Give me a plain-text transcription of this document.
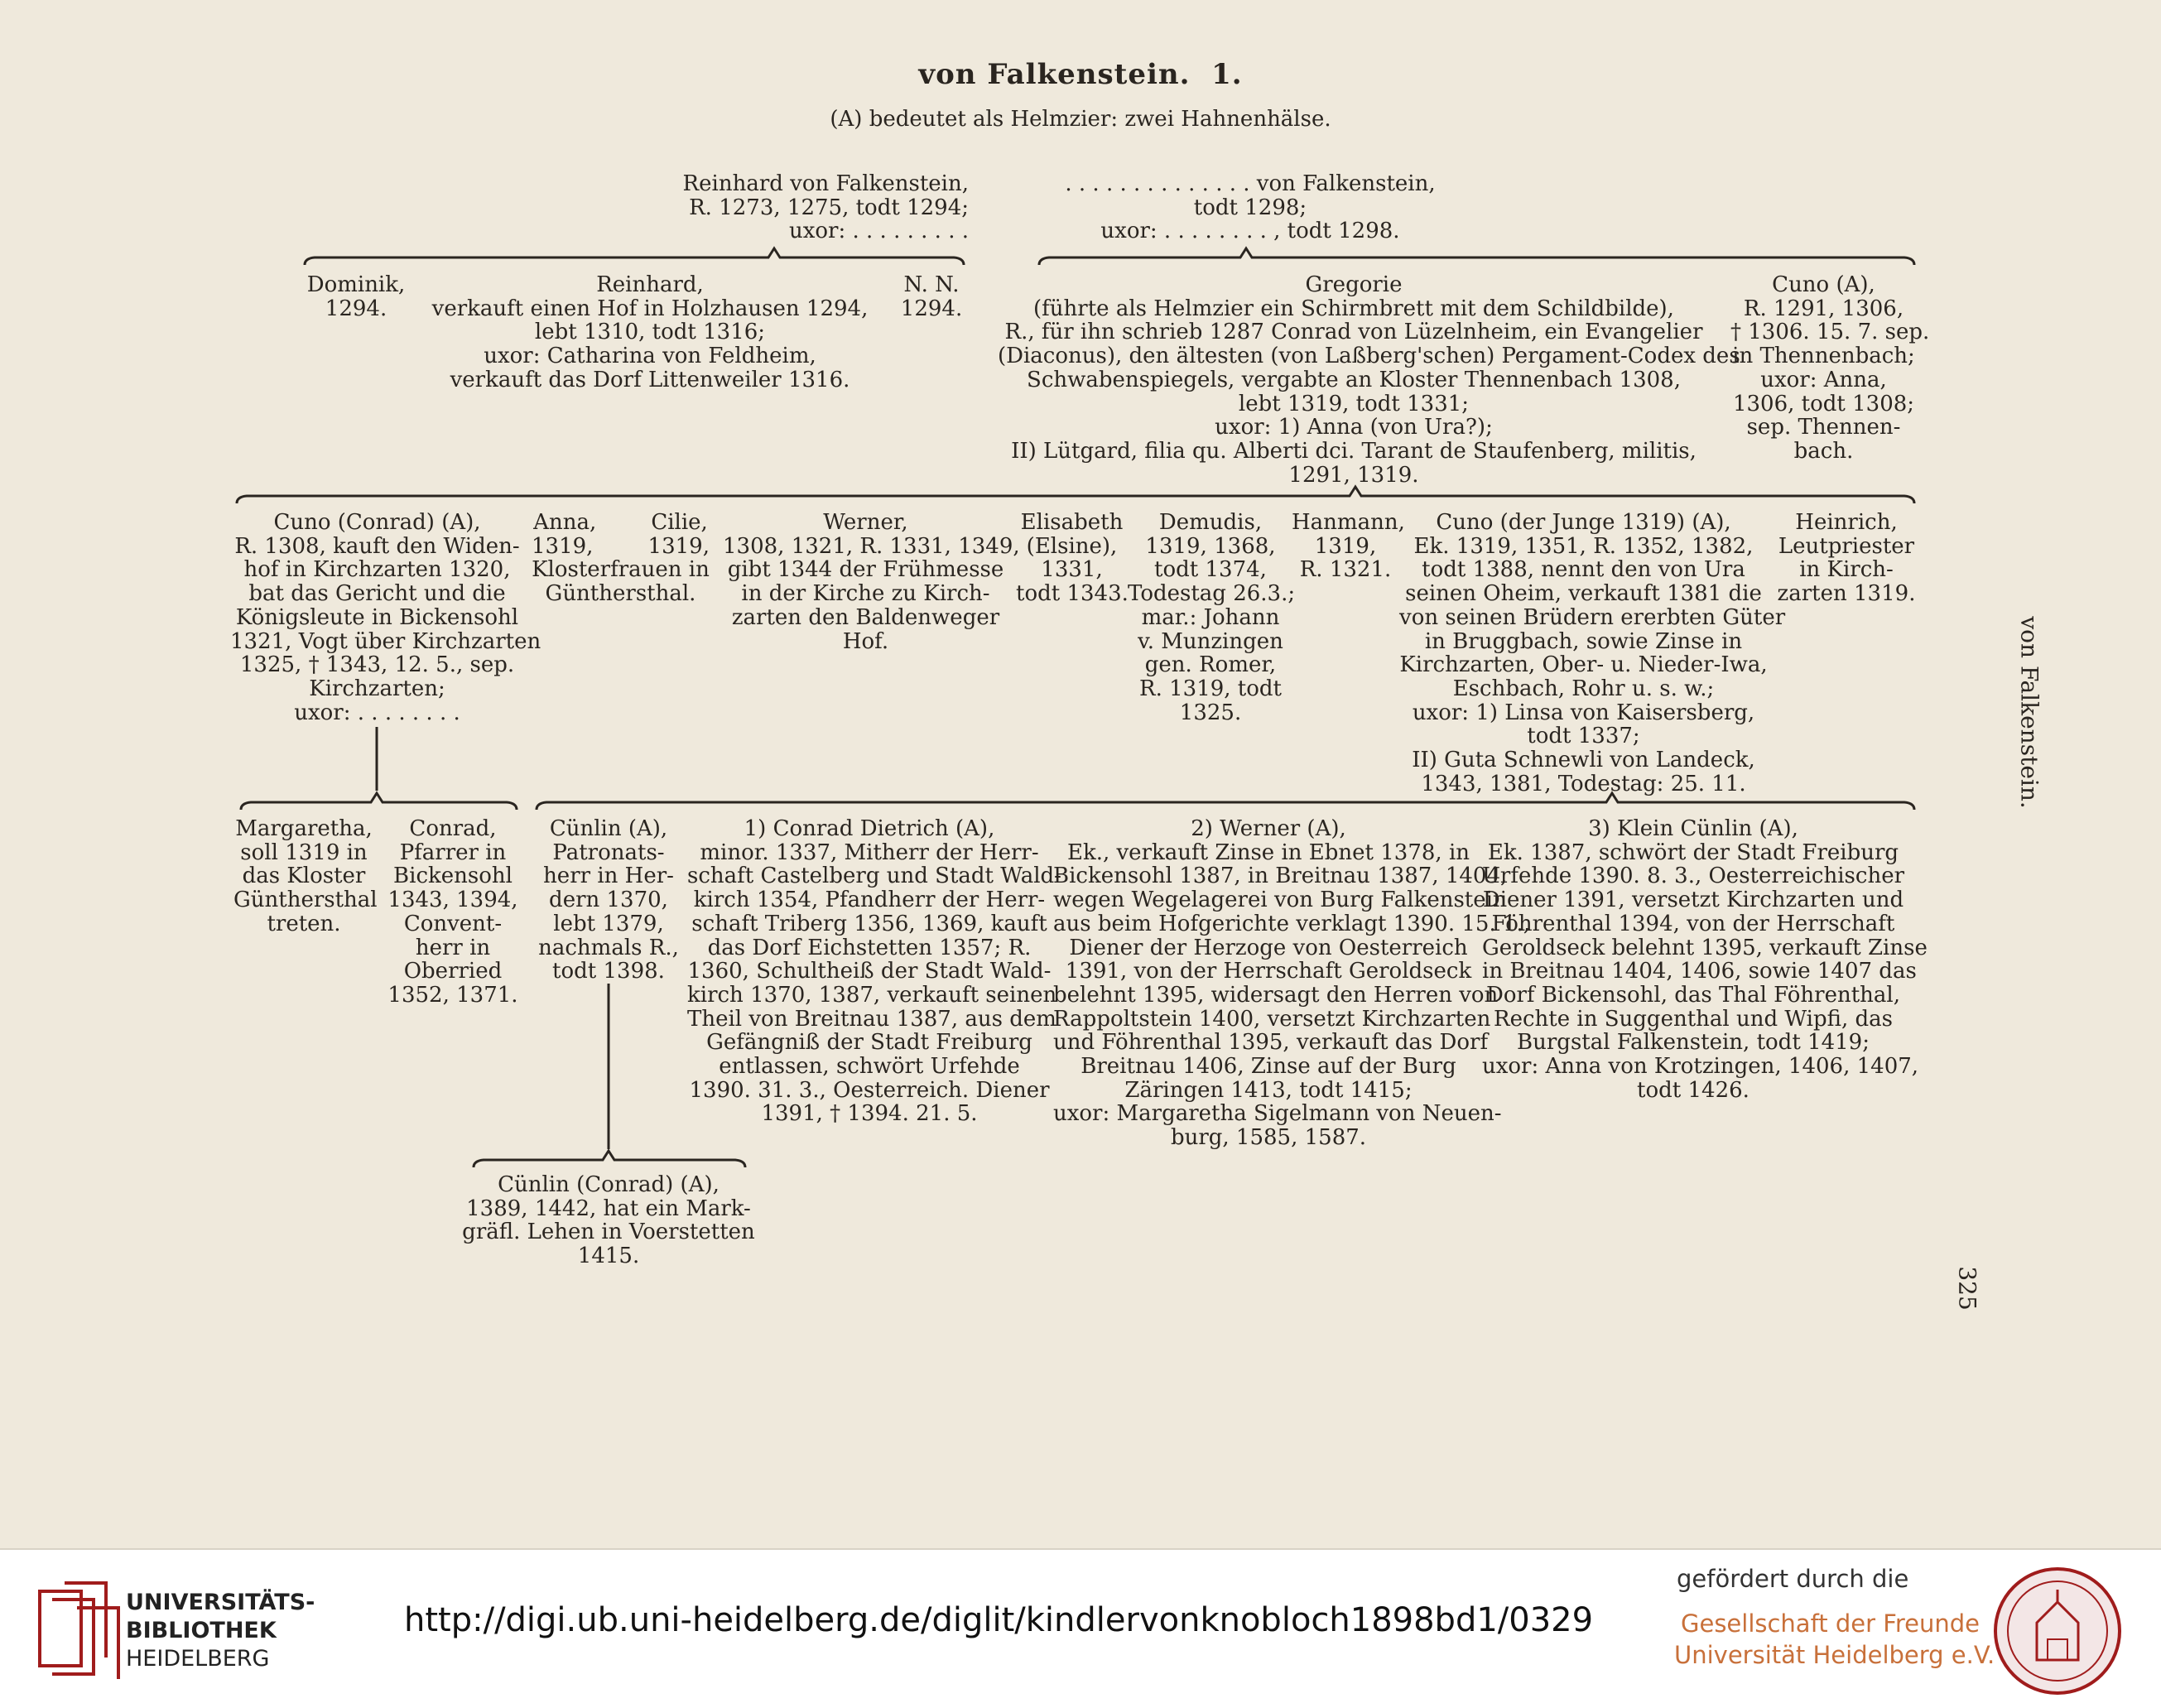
von Falkenstein.  1.
(A) bedeutet als Helmzier: zwei Hahnenhälse.
Reinhard von Falkenstein,
R. 1273, 1275, todt 1294;
uxor: . . . . . . . . .
. . . . . . . . . . . . . . von Falkenstein,
todt 1298;
uxor: . . . . . . . . , todt 1298.
Dominik,
1294.
Reinhard,
verkauft einen Hof in Holzhausen 1294,
lebt 1310, todt 1316;
uxor: Catharina von Feldheim,
verkauft das Dorf Littenweiler 1316.
N. N.
1294.
Gregorie
(führte als Helmzier ein Schirmbrett mit dem Schildbilde),
R., für ihn schrieb 1287 Conrad von Lüzelnheim, ein Evangelier
(Diaconus), den ältesten (von Laßberg'schen) Pergament-Codex des
Schwabenspiegels, vergabte an Kloster Thennenbach 1308,
lebt 1319, todt 1331;
uxor: 1) Anna (von Ura?);
II) Lütgard, filia qu. Alberti dci. Tarant de Staufenberg, militis,
1291, 1319.
Cuno (A),
R. 1291, 1306,
† 1306. 15. 7. sep.
in Thennenbach;
uxor: Anna,
1306, todt 1308;
sep. Thennen-
bach.
Cuno (Conrad) (A),
R. 1308, kauft den Widen-
hof in Kirchzarten 1320,
bat das Gericht und die
Königsleute in Bickensohl
1321, Vogt über Kirchzarten
1325, † 1343, 12. 5., sep.
Kirchzarten;
uxor: . . . . . . . .
Anna,        Cilie,
1319,        1319,
Klosterfrauen in
Günthersthal.
Werner,
1308, 1321, R. 1331, 1349,
gibt 1344 der Frühmesse
in der Kirche zu Kirch-
zarten den Baldenweger
Hof.
Elisabeth
(Elsine),
1331,
todt 1343.
Demudis,
1319, 1368,
todt 1374,
Todestag 26.3.;
mar.: Johann
v. Munzingen
gen. Romer,
R. 1319, todt
1325.
Hanmann,
1319,
R. 1321.
Cuno (der Junge 1319) (A),
Ek. 1319, 1351, R. 1352, 1382,
todt 1388, nennt den von Ura
seinen Oheim, verkauft 1381 die
von seinen Brüdern ererbten Güter
in Bruggbach, sowie Zinse in
Kirchzarten, Ober- u. Nieder-Iwa,
Eschbach, Rohr u. s. w.;
uxor: 1) Linsa von Kaisersberg,
todt 1337;
II) Guta Schnewli von Landeck,
1343, 1381, Todestag: 25. 11.
Heinrich,
Leutpriester
in Kirch-
zarten 1319.
Margaretha,
soll 1319 in
das Kloster
Günthersthal
treten.
Conrad,
Pfarrer in
Bickensohl
1343, 1394,
Convent-
herr in
Oberried
1352, 1371.
Cünlin (A),
Patronats-
herr in Her-
dern 1370,
lebt 1379,
nachmals R.,
todt 1398.
1) Conrad Dietrich (A),
minor. 1337, Mitherr der Herr-
schaft Castelberg und Stadt Wald-
kirch 1354, Pfandherr der Herr-
schaft Triberg 1356, 1369, kauft
das Dorf Eichstetten 1357; R.
1360, Schultheiß der Stadt Wald-
kirch 1370, 1387, verkauft seinen
Theil von Breitnau 1387, aus dem
Gefängniß der Stadt Freiburg
entlassen, schwört Urfehde
1390. 31. 3., Oesterreich. Diener
1391, † 1394. 21. 5.
2) Werner (A),
Ek., verkauft Zinse in Ebnet 1378, in
Bickensohl 1387, in Breitnau 1387, 1404,
wegen Wegelagerei von Burg Falkenstein
aus beim Hofgerichte verklagt 1390. 15. 1.,
Diener der Herzoge von Oesterreich
1391, von der Herrschaft Geroldseck
belehnt 1395, widersagt den Herren von
Rappoltstein 1400, versetzt Kirchzarten
und Föhrenthal 1395, verkauft das Dorf
Breitnau 1406, Zinse auf der Burg
Zäringen 1413, todt 1415;
uxor: Margaretha Sigelmann von Neuen-
burg, 1585, 1587.
3) Klein Cünlin (A),
Ek. 1387, schwört der Stadt Freiburg
Urfehde 1390. 8. 3., Oesterreichischer
Diener 1391, versetzt Kirchzarten und
Föhrenthal 1394, von der Herrschaft
Geroldseck belehnt 1395, verkauft Zinse
in Breitnau 1404, 1406, sowie 1407 das
Dorf Bickensohl, das Thal Föhrenthal,
Rechte in Suggenthal und Wipfi, das
Burgstal Falkenstein, todt 1419;
uxor: Anna von Krotzingen, 1406, 1407,
todt 1426.
Cünlin (Conrad) (A),
1389, 1442, hat ein Mark-
gräfl. Lehen in Voerstetten
1415.
von Falkenstein.
325
UNIVERSITÄTS-
BIBLIOTHEK
HEIDELBERG
http://digi.ub.uni-heidelberg.de/diglit/kindlervonknobloch1898bd1/0329
gefördert durch die
Gesellschaft der Freunde
Universität Heidelberg e.V.
